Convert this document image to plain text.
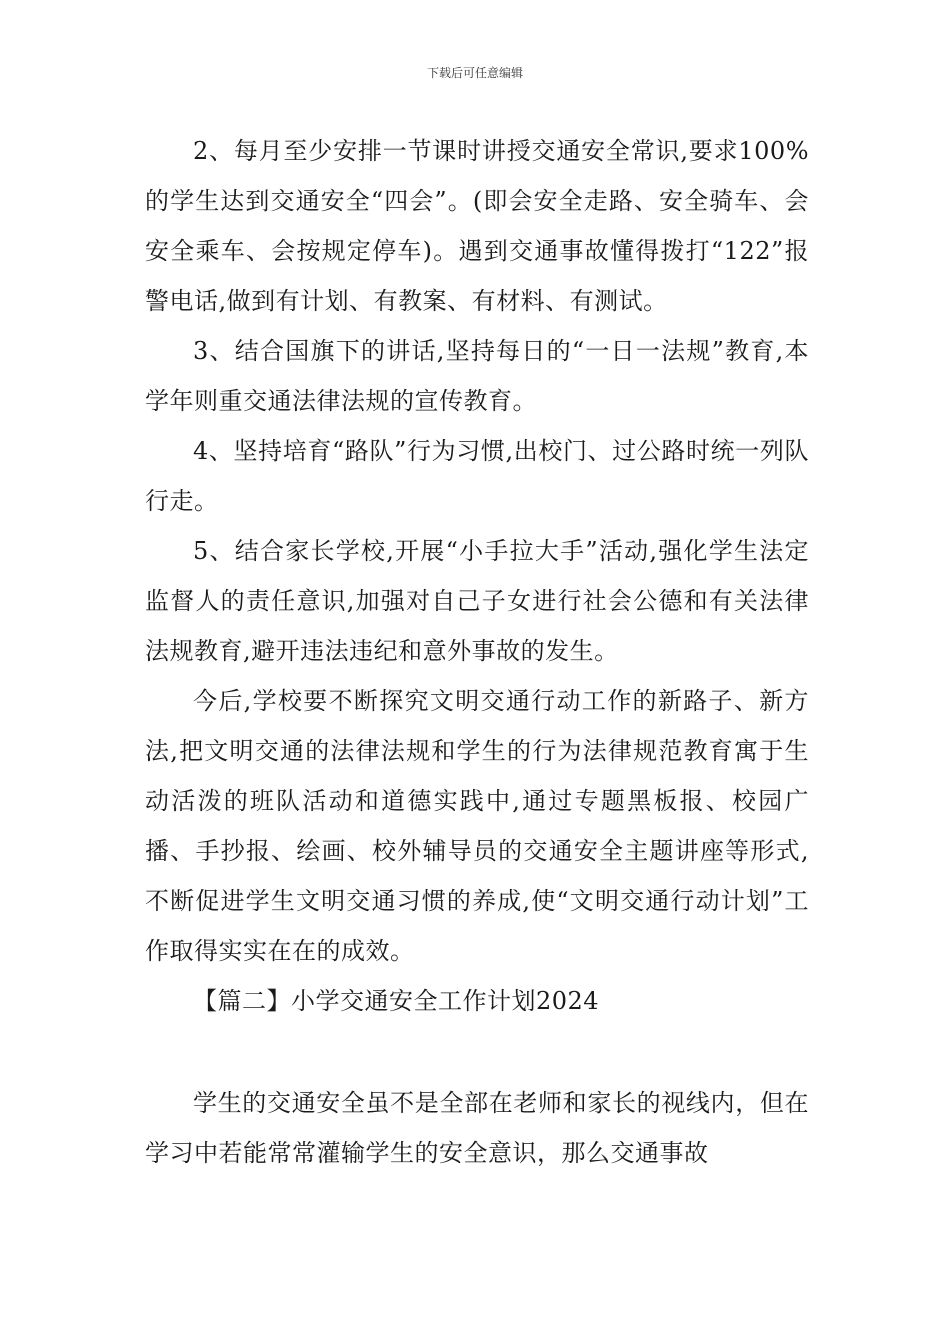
下载后可任意编辑

2、每月至少安排一节课时讲授交通安全常识,要求100%的学生达到交通安全“四会”。(即会安全走路、安全骑车、会安全乘车、会按规定停车)。遇到交通事故懂得拨打“122”报警电话,做到有计划、有教案、有材料、有测试。

3、结合国旗下的讲话,坚持每日的“一日一法规”教育,本学年则重交通法律法规的宣传教育。

4、坚持培育“路队”行为习惯,出校门、过公路时统一列队行走。

5、结合家长学校,开展“小手拉大手”活动,强化学生法定监督人的责任意识,加强对自己子女进行社会公德和有关法律法规教育,避开违法违纪和意外事故的发生。

今后,学校要不断探究文明交通行动工作的新路子、新方法,把文明交通的法律法规和学生的行为法律规范教育寓于生动活泼的班队活动和道德实践中,通过专题黑板报、校园广播、手抄报、绘画、校外辅导员的交通安全主题讲座等形式,不断促进学生文明交通习惯的养成,使“文明交通行动计划”工作取得实实在在的成效。

【篇二】小学交通安全工作计划2024

学生的交通安全虽不是全部在老师和家长的视线内，但在学习中若能常常灌输学生的安全意识，那么交通事故
